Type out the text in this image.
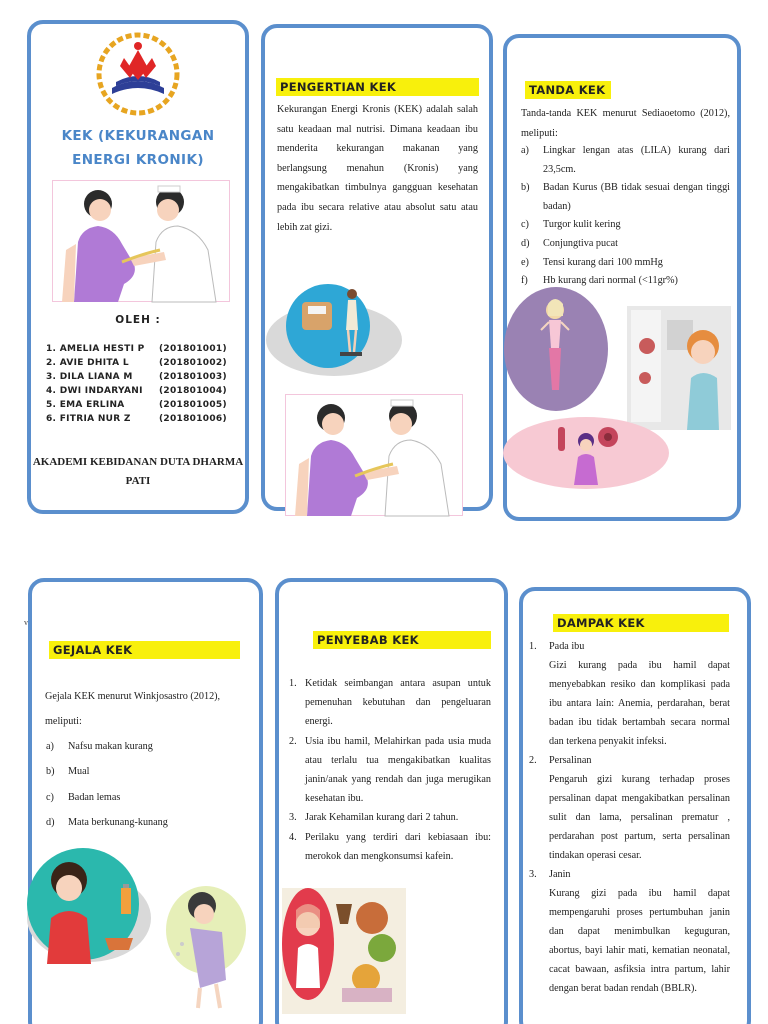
KEK (KEKURANGAN
ENERGI KRONIK)
OLEH :
1. AMELIA HESTI P	(201801001)
2. AVIE DHITA L	(201801002)
3. DILA LIANA M	(201801003)
4. DWI INDARYANI	(201801004)
5. EMA ERLINA	(201801005)
6. FITRIA NUR Z	(201801006)
AKADEMI KEBIDANAN DUTA DHARMA
PATI
PENGERTIAN KEK
Kekurangan Energi Kronis (KEK) adalah salah satu keadaan mal nutrisi. Dimana keadaan ibu menderita kekurangan makanan yang berlangsung menahun (Kronis) yang mengakibatkan timbulnya gangguan kesehatan pada ibu secara relative atau absolut satu atau lebih zat gizi.
TANDA KEK
Tanda-tanda KEK menurut Sediaoetomo (2012), meliputi:
a)	Lingkar lengan atas (LILA) kurang dari 23,5cm.
b)	Badan Kurus (BB tidak sesuai dengan tinggi badan)
c)	Turgor kulit kering
d)	Conjungtiva pucat
e)	Tensi kurang dari 100 mmHg
f)	Hb kurang dari normal (<11gr%)
v
GEJALA KEK
Gejala KEK menurut Winkjosastro (2012),
meliputi:
a)	Nafsu makan kurang
b)	Mual
c)	Badan lemas
d)	Mata berkunang-kunang
PENYEBAB KEK
1. Ketidak seimbangan antara asupan untuk pemenuhan kebutuhan dan pengeluaran energi.
2. Usia ibu hamil, Melahirkan pada usia muda atau terlalu tua mengakibatkan kualitas janin/anak yang rendah dan juga merugikan kesehatan ibu.
3. Jarak Kehamilan kurang dari 2 tahun.
4. Perilaku yang terdiri dari kebiasaan ibu: merokok dan mengkonsumsi kafein.
DAMPAK KEK
1.	Pada ibu
Gizi kurang pada ibu hamil dapat menyebabkan resiko dan komplikasi pada ibu antara lain: Anemia, perdarahan, berat badan ibu tidak bertambah secara normal dan terkena penyakit infeksi.
2.	Persalinan
Pengaruh gizi kurang terhadap proses persalinan dapat mengakibatkan persalinan sulit dan lama, persalinan prematur , perdarahan post partum, serta persalinan tindakan operasi cesar.
3.	Janin
Kurang gizi pada ibu hamil dapat mempengaruhi proses pertumbuhan janin dan dapat menimbulkan keguguran, abortus, bayi lahir mati, kematian neonatal, cacat bawaan, asfiksia intra partum, lahir dengan berat badan rendah (BBLR).
